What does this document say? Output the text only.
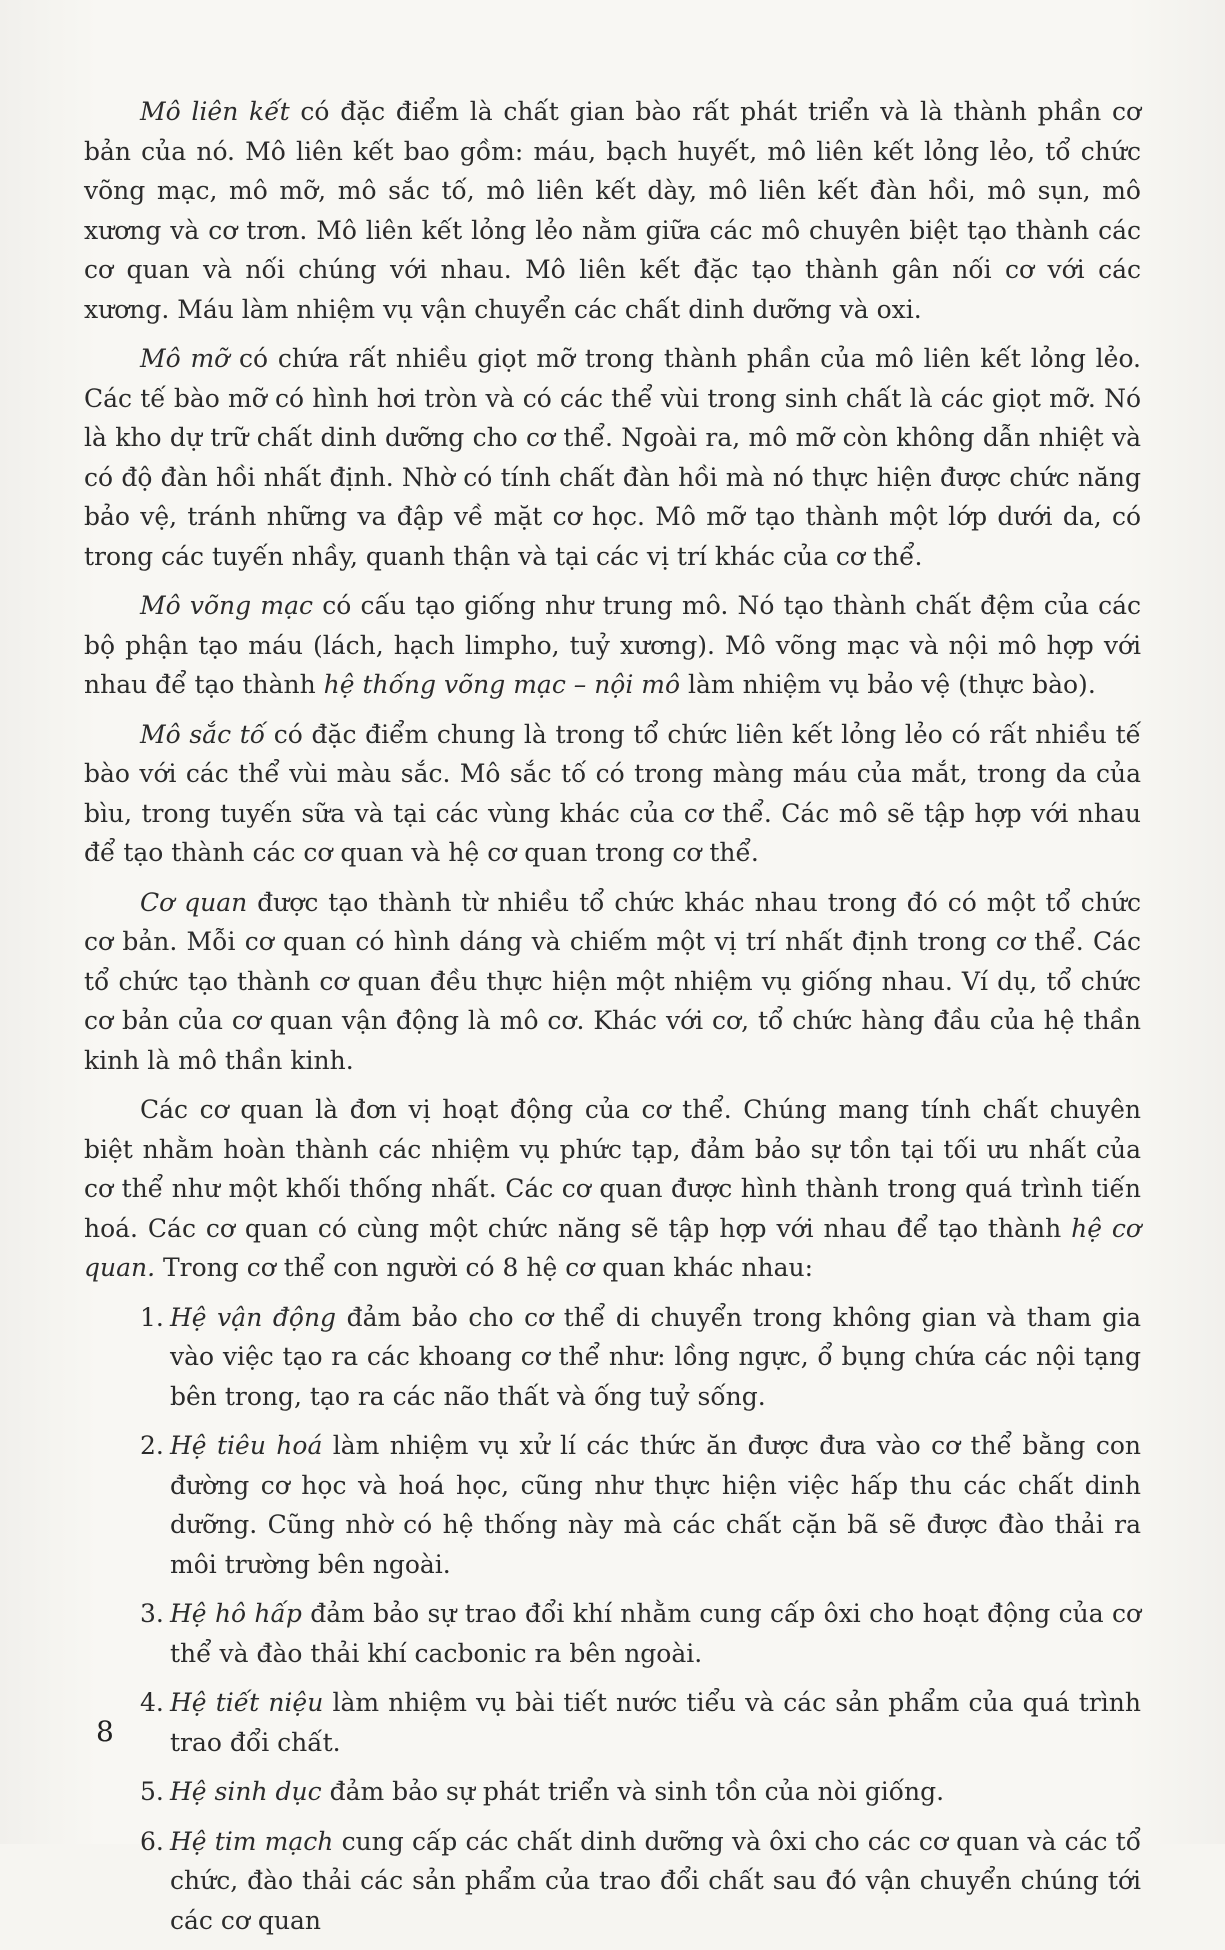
Mô liên kết có đặc điểm là chất gian bào rất phát triển và là thành phần cơ bản của nó. Mô liên kết bao gồm: máu, bạch huyết, mô liên kết lỏng lẻo, tổ chức võng mạc, mô mỡ, mô sắc tố, mô liên kết dày, mô liên kết đàn hồi, mô sụn, mô xương và cơ trơn. Mô liên kết lỏng lẻo nằm giữa các mô chuyên biệt tạo thành các cơ quan và nối chúng với nhau. Mô liên kết đặc tạo thành gân nối cơ với các xương. Máu làm nhiệm vụ vận chuyển các chất dinh dưỡng và oxi.

Mô mỡ có chứa rất nhiều giọt mỡ trong thành phần của mô liên kết lỏng lẻo. Các tế bào mỡ có hình hơi tròn và có các thể vùi trong sinh chất là các giọt mỡ. Nó là kho dự trữ chất dinh dưỡng cho cơ thể. Ngoài ra, mô mỡ còn không dẫn nhiệt và có độ đàn hồi nhất định. Nhờ có tính chất đàn hồi mà nó thực hiện được chức năng bảo vệ, tránh những va đập về mặt cơ học. Mô mỡ tạo thành một lớp dưới da, có trong các tuyến nhầy, quanh thận và tại các vị trí khác của cơ thể.

Mô võng mạc có cấu tạo giống như trung mô. Nó tạo thành chất đệm của các bộ phận tạo máu (lách, hạch limpho, tuỷ xương). Mô võng mạc và nội mô hợp với nhau để tạo thành hệ thống võng mạc – nội mô làm nhiệm vụ bảo vệ (thực bào).

Mô sắc tố có đặc điểm chung là trong tổ chức liên kết lỏng lẻo có rất nhiều tế bào với các thể vùi màu sắc. Mô sắc tố có trong màng máu của mắt, trong da của bìu, trong tuyến sữa và tại các vùng khác của cơ thể. Các mô sẽ tập hợp với nhau để tạo thành các cơ quan và hệ cơ quan trong cơ thể.

Cơ quan được tạo thành từ nhiều tổ chức khác nhau trong đó có một tổ chức cơ bản. Mỗi cơ quan có hình dáng và chiếm một vị trí nhất định trong cơ thể. Các tổ chức tạo thành cơ quan đều thực hiện một nhiệm vụ giống nhau. Ví dụ, tổ chức cơ bản của cơ quan vận động là mô cơ. Khác với cơ, tổ chức hàng đầu của hệ thần kinh là mô thần kinh.

Các cơ quan là đơn vị hoạt động của cơ thể. Chúng mang tính chất chuyên biệt nhằm hoàn thành các nhiệm vụ phức tạp, đảm bảo sự tồn tại tối ưu nhất của cơ thể như một khối thống nhất. Các cơ quan được hình thành trong quá trình tiến hoá. Các cơ quan có cùng một chức năng sẽ tập hợp với nhau để tạo thành hệ cơ quan. Trong cơ thể con người có 8 hệ cơ quan khác nhau:

1. Hệ vận động đảm bảo cho cơ thể di chuyển trong không gian và tham gia vào việc tạo ra các khoang cơ thể như: lồng ngực, ổ bụng chứa các nội tạng bên trong, tạo ra các não thất và ống tuỷ sống.
2. Hệ tiêu hoá làm nhiệm vụ xử lí các thức ăn được đưa vào cơ thể bằng con đường cơ học và hoá học, cũng như thực hiện việc hấp thu các chất dinh dưỡng. Cũng nhờ có hệ thống này mà các chất cặn bã sẽ được đào thải ra môi trường bên ngoài.
3. Hệ hô hấp đảm bảo sự trao đổi khí nhằm cung cấp ôxi cho hoạt động của cơ thể và đào thải khí cacbonic ra bên ngoài.
4. Hệ tiết niệu làm nhiệm vụ bài tiết nước tiểu và các sản phẩm của quá trình trao đổi chất.
5. Hệ sinh dục đảm bảo sự phát triển và sinh tồn của nòi giống.
6. Hệ tim mạch cung cấp các chất dinh dưỡng và ôxi cho các cơ quan và các tổ chức, đào thải các sản phẩm của trao đổi chất sau đó vận chuyển chúng tới các cơ quan
8
